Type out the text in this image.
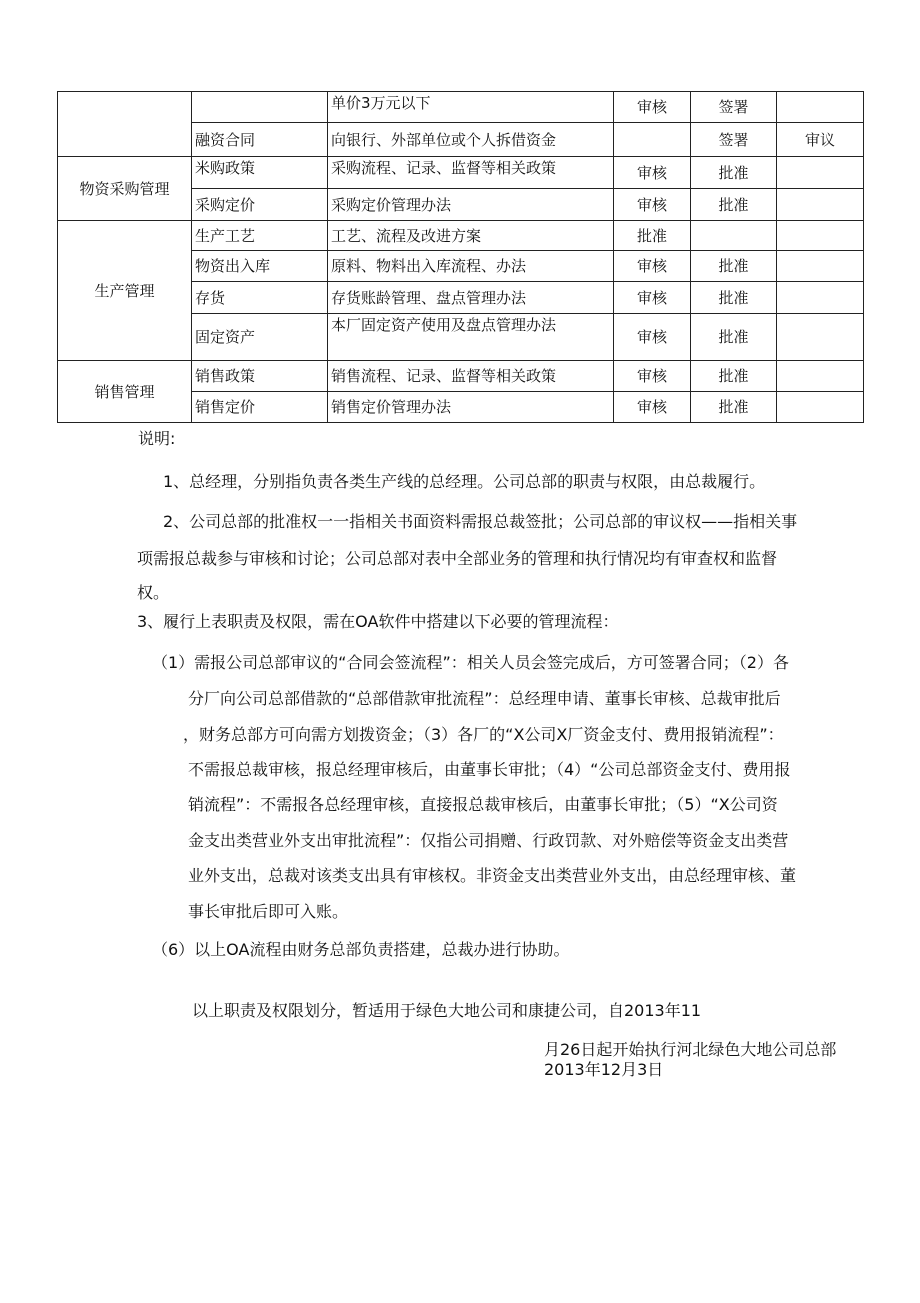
		单价3万元以下	审核	签署	
	融资合同	向银行、外部单位或个人拆借资金		签署	审议
物资采购管理	米购政策	采购流程、记录、监督等相关政策	审核	批准	
	采购定价	采购定价管理办法	审核	批准	
生产管理	生产工艺	工艺、流程及改进方案	批准		
	物资出入库	原料、物料出入库流程、办法	审核	批准	
	存货	存货账龄管理、盘点管理办法	审核	批准	
	固定资产	本厂固定资产使用及盘点管理办法	审核	批准	
销售管理	销售政策	销售流程、记录、监督等相关政策	审核	批准	
	销售定价	销售定价管理办法	审核	批准	

说明:

1、总经理，分别指负责各类生产线的总经理。公司总部的职责与权限，由总裁履行。

2、公司总部的批准权一一指相关书面资料需报总裁签批；公司总部的审议权——指相关事

项需报总裁参与审核和讨论；公司总部对表中全部业务的管理和执行情况均有审查权和监督

权。

3、履行上表职责及权限，需在OA软件中搭建以下必要的管理流程：

（1）需报公司总部审议的“合同会签流程”：相关人员会签完成后，方可签署合同；（2）各

分厂向公司总部借款的“总部借款审批流程”：总经理申请、董事长审核、总裁审批后

，财务总部方可向需方划拨资金；（3）各厂的“X公司X厂资金支付、费用报销流程”：

不需报总裁审核，报总经理审核后，由董事长审批；（4）“公司总部资金支付、费用报

销流程”：不需报各总经理审核，直接报总裁审核后，由董事长审批；（5）“X公司资

金支出类营业外支出审批流程”：仅指公司捐赠、行政罚款、对外赔偿等资金支出类营

业外支出，总裁对该类支出具有审核权。非资金支出类营业外支出，由总经理审核、董

事长审批后即可入账。

（6）以上OA流程由财务总部负责搭建，总裁办进行协助。

以上职责及权限划分，暂适用于绿色大地公司和康捷公司，自2013年11

月26日起开始执行河北绿色大地公司总部
2013年12月3日
